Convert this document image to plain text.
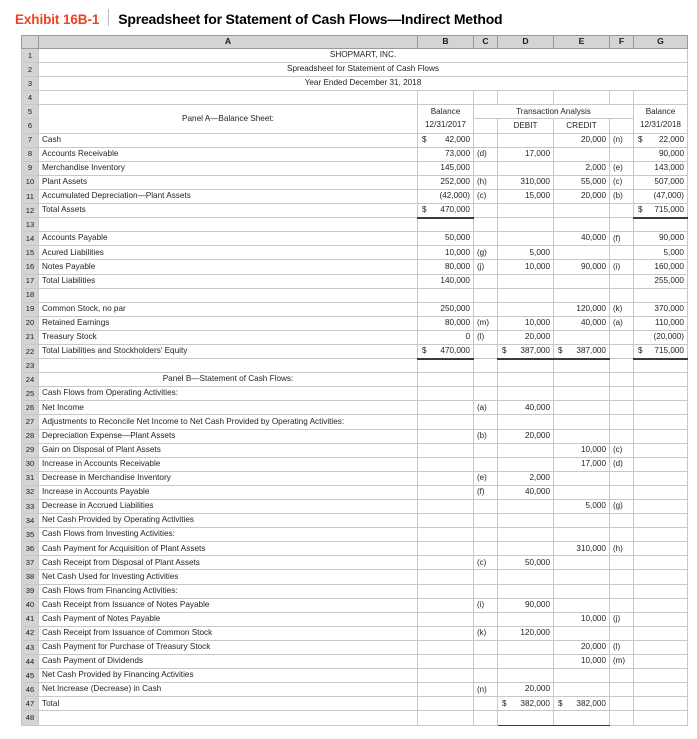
Exhibit 16B-1 Spreadsheet for Statement of Cash Flows—Indirect Method
	A	B	C	D	E	F	G
1	SHOPMART, INC.						
2	Spreadsheet for Statement of Cash Flows						
3	Year Ended December 31, 2018						
4							
5	Panel A—Balance Sheet:	Balance	Transaction Analysis				Balance
6		12/31/2017		DEBIT	CREDIT		12/31/2018
7	Cash	$ 42,000			20,000	(n)	$ 22,000
8	Accounts Receivable	73,000	(d)	17,000			90,000
9	Merchandise Inventory	145,000			2,000	(e)	143,000
10	Plant Assets	252,000	(h)	310,000	55,000	(c)	507,000
11	Accumulated Depreciation—Plant Assets	(42,000)	(c)	15,000	20,000	(b)	(47,000)
12	Total Assets	$ 470,000					$ 715,000
13							
14	Accounts Payable	50,000			40,000	(f)	90,000
15	Acured Liabilities	10,000	(g)	5,000			5,000
16	Notes Payable	80,000	(j)	10,000	90,000	(i)	160,000
17	Total Liabilities	140,000					255,000
18							
19	Common Stock, no par	250,000			120,000	(k)	370,000
20	Retained Earnings	80,000	(m)	10,000	40,000	(a)	110,000
21	Treasury Stock	0	(l)	20,000			(20,000)
22	Total Liabilities and Stockholders’ Equity	$ 470,000		$ 387,000	$ 387,000		$ 715,000
23							
24	Panel B—Statement of Cash Flows:						
25	Cash Flows from Operating Activities:						
26	Net Income		(a)	40,000			
27	Adjustments to Reconcile Net Income to Net Cash Provided by Operating Activities:						
28	Depreciation Expense—Plant Assets		(b)	20,000			
29	Gain on Disposal of Plant Assets				10,000	(c)	
30	Increase in Accounts Receivable				17,000	(d)	
31	Decrease in Merchandise Inventory		(e)	2,000			
32	Increase in Accounts Payable		(f)	40,000			
33	Decrease in Accrued Liabilities				5,000	(g)	
34	Net Cash Provided by Operating Activities						
35	Cash Flows from Investing Activities:						
36	Cash Payment for Acquisition of Plant Assets				310,000	(h)	
37	Cash Receipt from Disposal of Plant Assets		(c)	50,000			
38	Net Cash Used for Investing Activities						
39	Cash Flows from Financing Activities:						
40	Cash Receipt from Issuance of Notes Payable		(i)	90,000			
41	Cash Payment of Notes Payable				10,000	(j)	
42	Cash Receipt from Issuance of Common Stock		(k)	120,000			
43	Cash Payment for Purchase of Treasury Stock				20,000	(l)	
44	Cash Payment of Dividends				10,000	(m)	
45	Net Cash Provided by Financing Activities						
46	Net Increase (Decrease) in Cash		(n)	20,000			
47	Total			$ 382,000	$ 382,000		
48							
